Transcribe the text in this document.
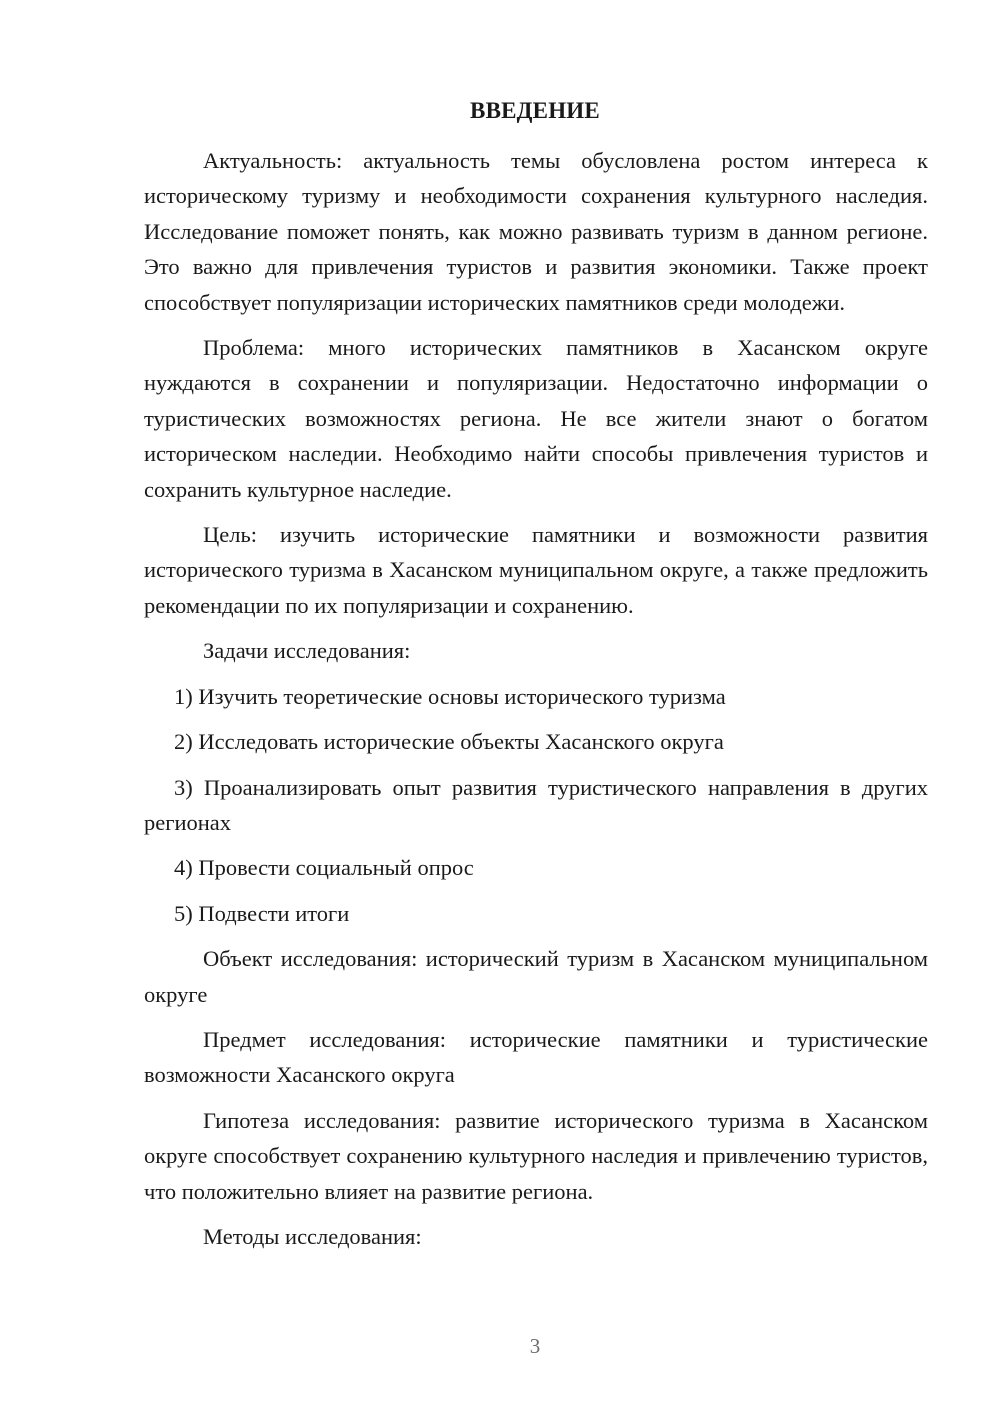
ВВЕДЕНИЕ

Актуальность: актуальность темы обусловлена ростом интереса к историческому туризму и необходимости сохранения культурного наследия. Исследование поможет понять, как можно развивать туризм в данном регионе. Это важно для привлечения туристов и развития экономики. Также проект способствует популяризации исторических памятников среди молодежи.

Проблема: много исторических памятников в Хасанском округе нуждаются в сохранении и популяризации. Недостаточно информации о туристических возможностях региона. Не все жители знают о богатом историческом наследии. Необходимо найти способы привлечения туристов и сохранить культурное наследие.

Цель: изучить исторические памятники и возможности развития исторического туризма в Хасанском муниципальном округе, а также предложить рекомендации по их популяризации и сохранению.

Задачи исследования:

1) Изучить теоретические основы исторического туризма

2) Исследовать исторические объекты Хасанского округа

3) Проанализировать опыт развития туристического направления в других регионах

4) Провести социальный опрос

5) Подвести итоги

Объект исследования: исторический туризм в Хасанском муниципальном округе

Предмет исследования: исторические памятники и туристические возможности Хасанского округа

Гипотеза исследования: развитие исторического туризма в Хасанском округе способствует сохранению культурного наследия и привлечению туристов, что положительно влияет на развитие региона.

Методы исследования:

3
